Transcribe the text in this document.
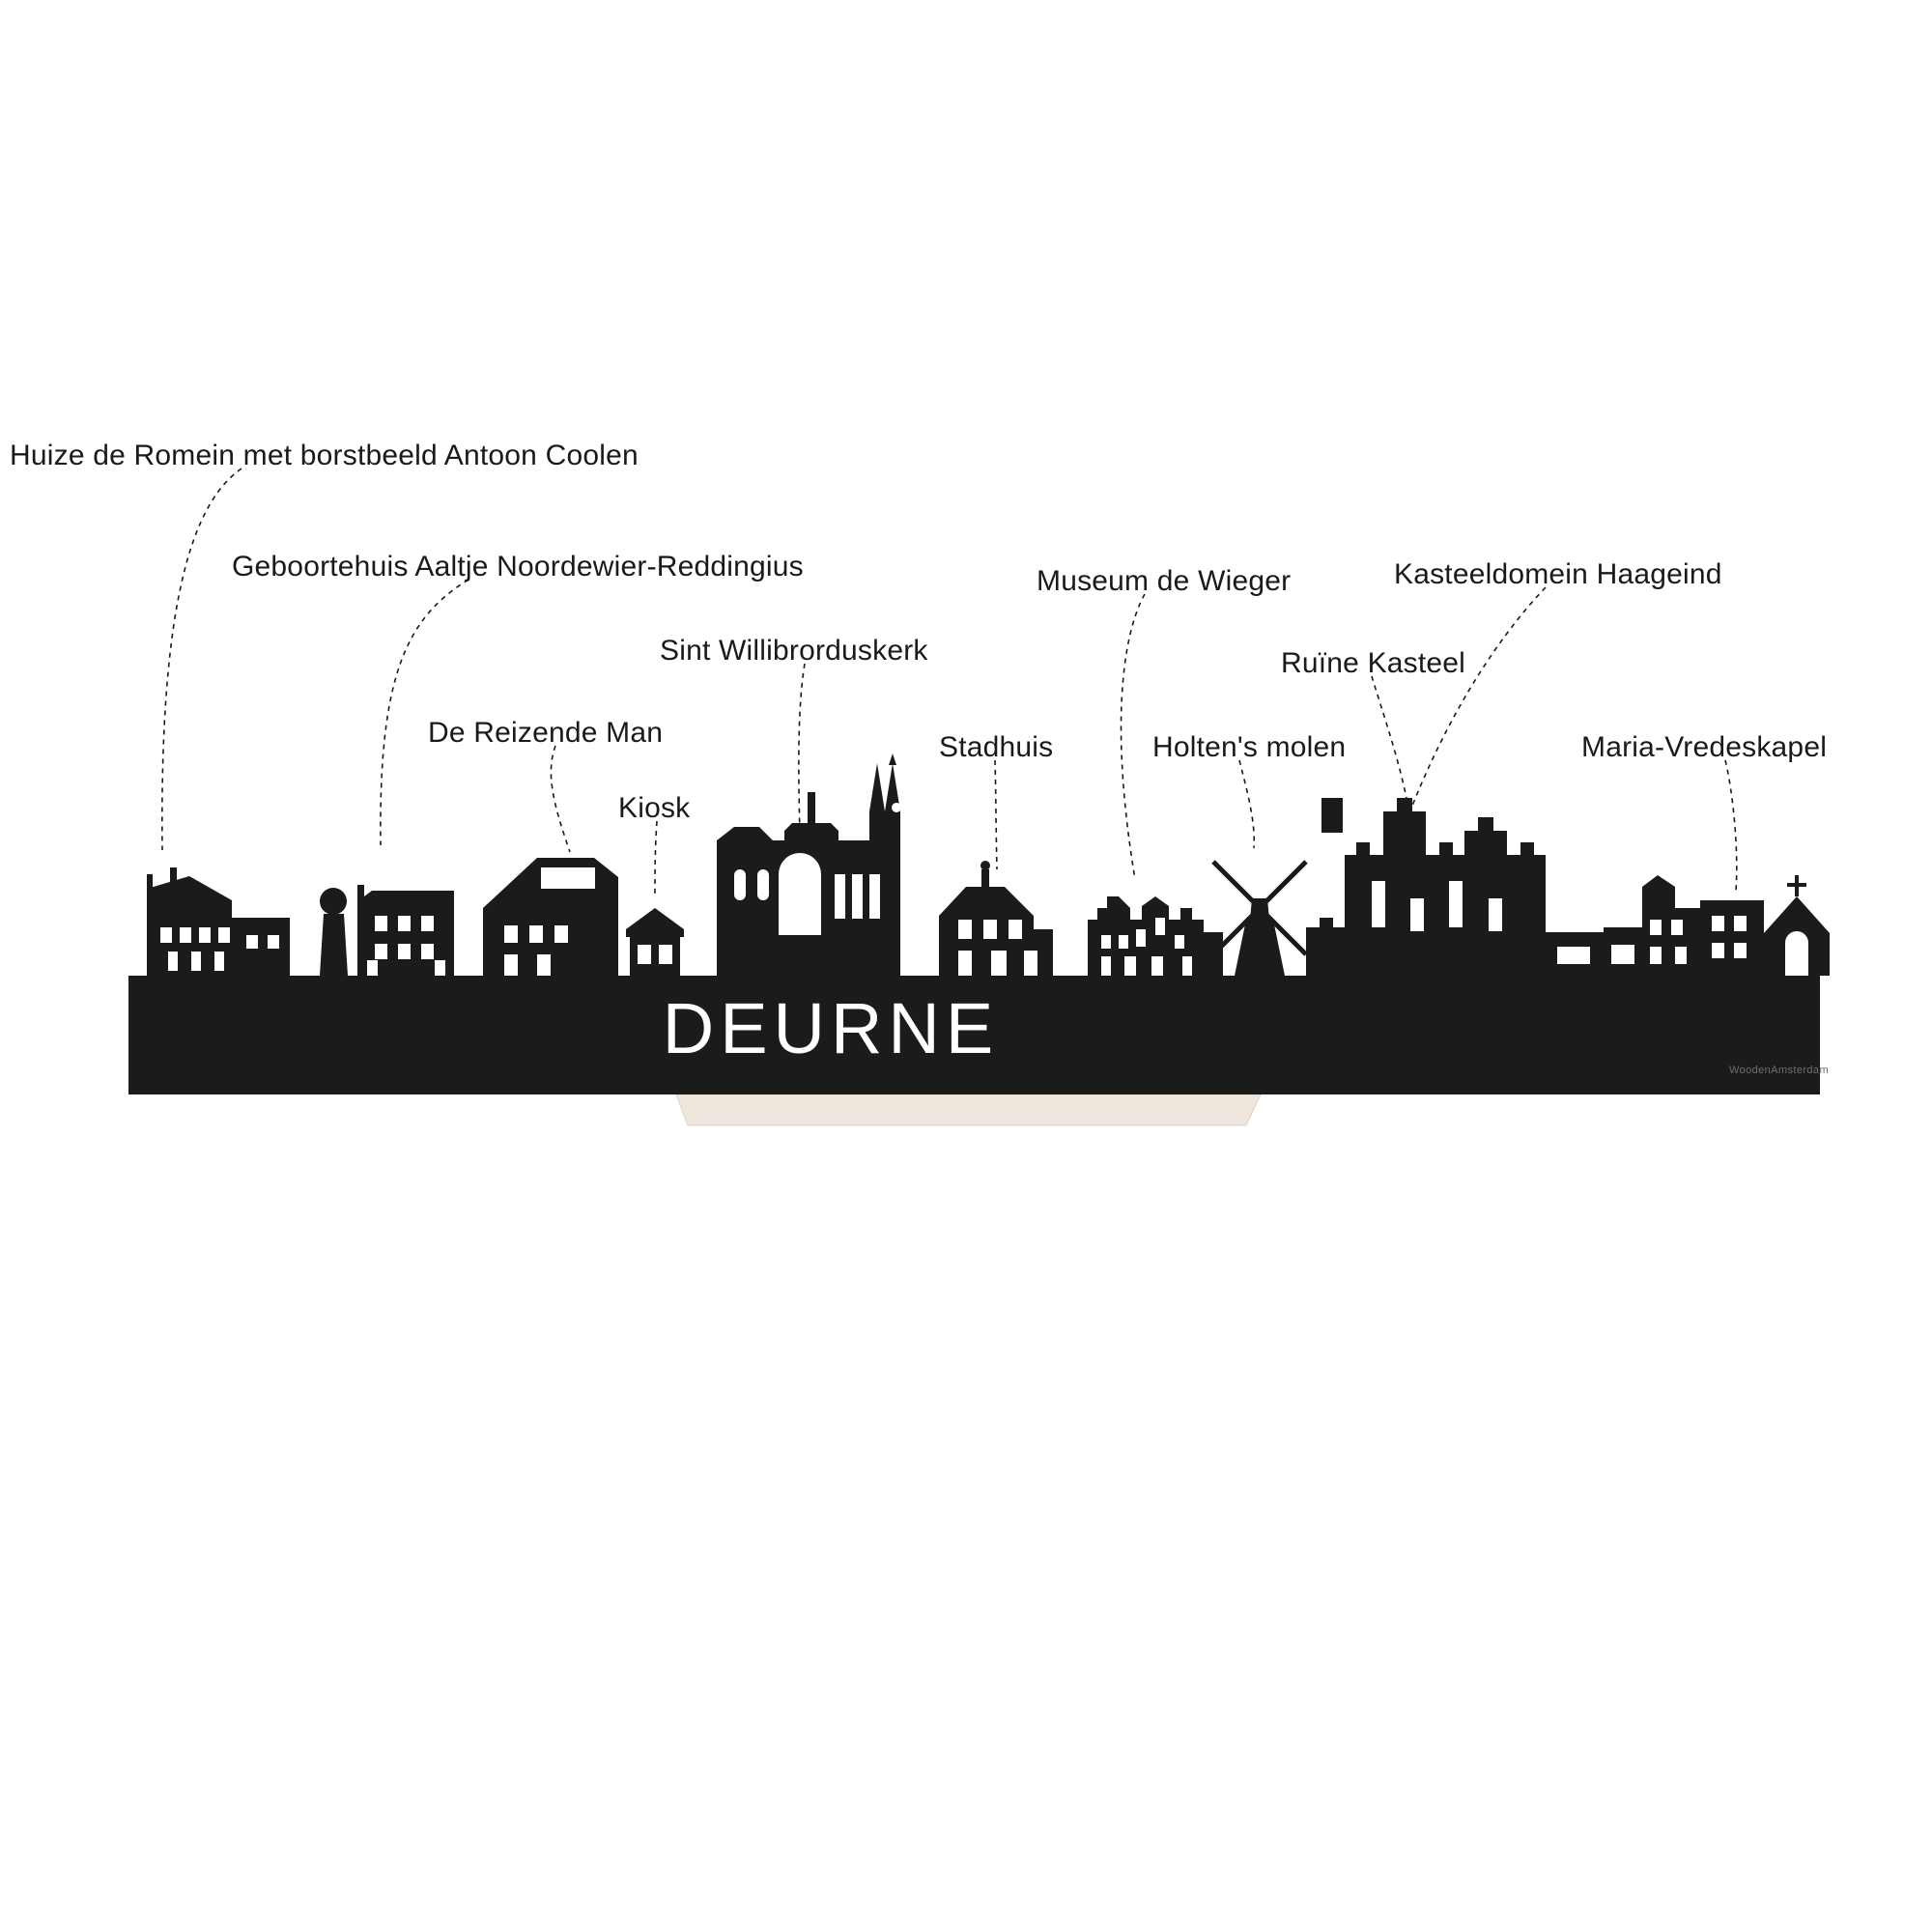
DEURNE
Huize de Romein met borstbeeld Antoon Coolen
Geboortehuis Aaltje Noordewier-Reddingius
De Reizende Man
Kiosk
Sint Willibrorduskerk
Stadhuis
Museum de Wieger
Holten's molen
Ruïne Kasteel
Kasteeldomein Haageind
Maria-Vredeskapel
WoodenAmsterdam
